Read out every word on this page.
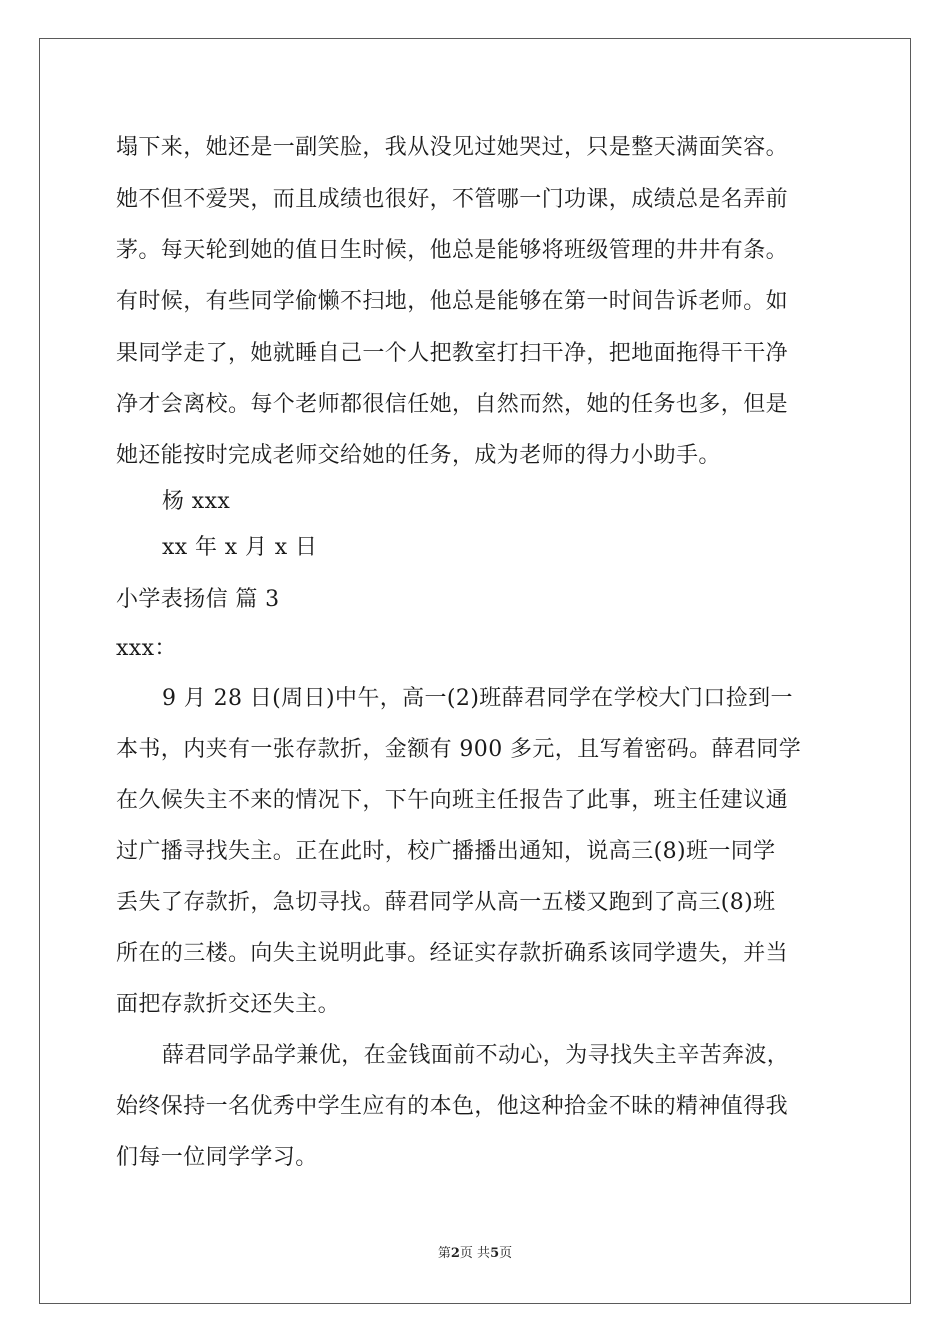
塌下来，她还是一副笑脸，我从没见过她哭过，只是整天满面笑容。
她不但不爱哭，而且成绩也很好，不管哪一门功课，成绩总是名弄前
茅。每天轮到她的值日生时候，他总是能够将班级管理的井井有条。
有时候，有些同学偷懒不扫地，他总是能够在第一时间告诉老师。如
果同学走了，她就睡自己一个人把教室打扫干净，把地面拖得干干净
净才会离校。每个老师都很信任她，自然而然，她的任务也多，但是
她还能按时完成老师交给她的任务，成为老师的得力小助手。
杨 xxx
xx 年 x 月 x 日
小学表扬信 篇 3
xxx：
9 月 28 日(周日)中午，高一(2)班薛君同学在学校大门口捡到一
本书，内夹有一张存款折，金额有 900 多元，且写着密码。薛君同学
在久候失主不来的情况下，下午向班主任报告了此事，班主任建议通
过广播寻找失主。正在此时，校广播播出通知，说高三(8)班一同学
丢失了存款折，急切寻找。薛君同学从高一五楼又跑到了高三(8)班
所在的三楼。向失主说明此事。经证实存款折确系该同学遗失，并当
面把存款折交还失主。
薛君同学品学兼优，在金钱面前不动心，为寻找失主辛苦奔波，
始终保持一名优秀中学生应有的本色，他这种拾金不昧的精神值得我
们每一位同学学习。
第2页 共5页
